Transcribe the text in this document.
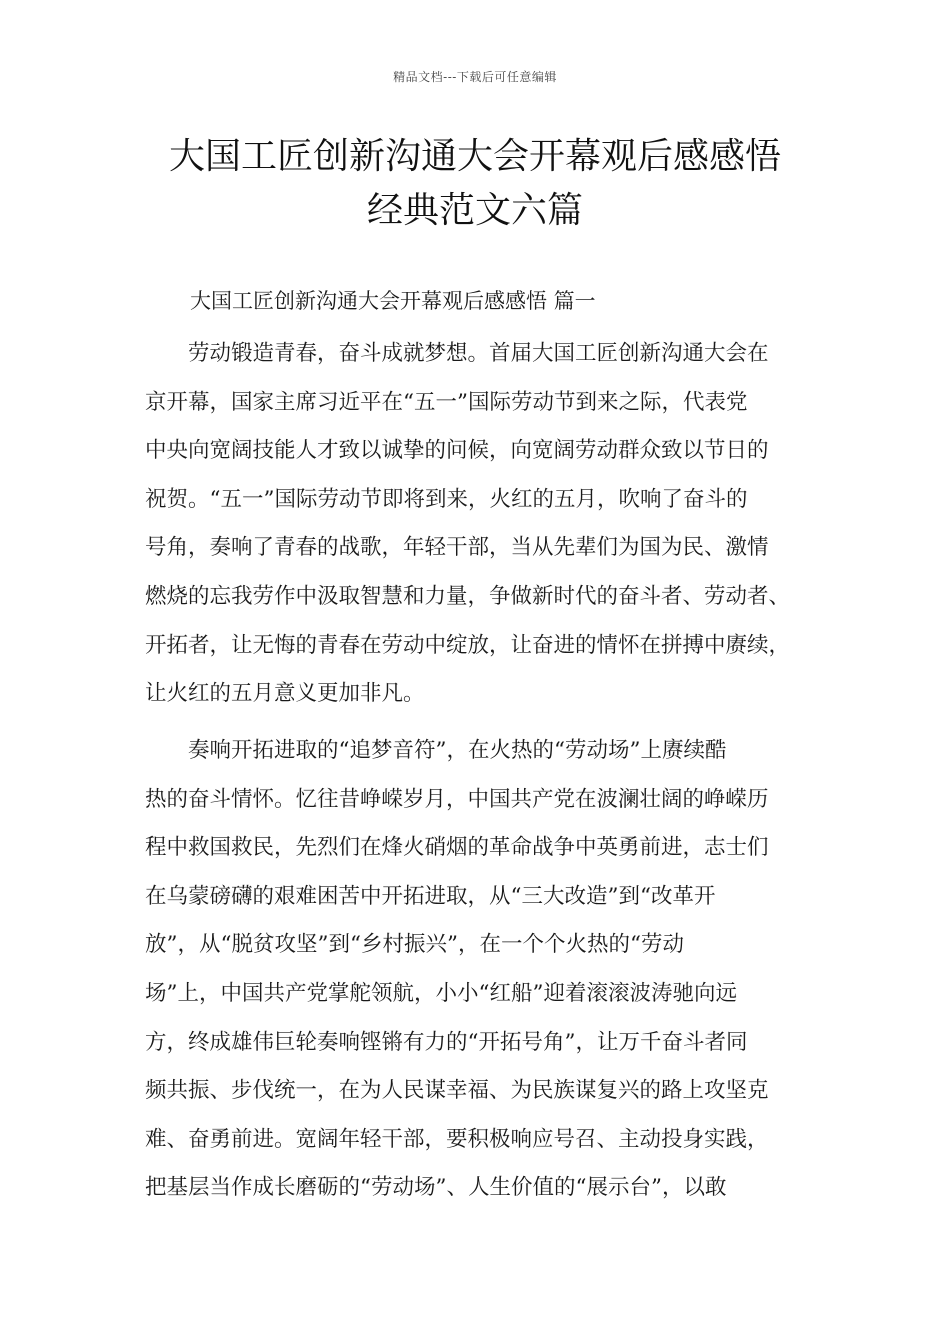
精品文档---下载后可任意编辑
大国工匠创新沟通大会开幕观后感感悟
经典范文六篇
大国工匠创新沟通大会开幕观后感感悟 篇一

　　劳动锻造青春，奋斗成就梦想。首届大国工匠创新沟通大会在
京开幕，国家主席习近平在“五一”国际劳动节到来之际，代表党
中央向宽阔技能人才致以诚挚的问候，向宽阔劳动群众致以节日的
祝贺。“五一”国际劳动节即将到来，火红的五月，吹响了奋斗的
号角，奏响了青春的战歌，年轻干部，当从先辈们为国为民、激情
燃烧的忘我劳作中汲取智慧和力量，争做新时代的奋斗者、劳动者、
开拓者，让无悔的青春在劳动中绽放，让奋进的情怀在拼搏中赓续，
让火红的五月意义更加非凡。

　　奏响开拓进取的“追梦音符”，在火热的“劳动场”上赓续酷
热的奋斗情怀。忆往昔峥嵘岁月，中国共产党在波澜壮阔的峥嵘历
程中救国救民，先烈们在烽火硝烟的革命战争中英勇前进，志士们
在乌蒙磅礴的艰难困苦中开拓进取，从“三大改造”到“改革开
放”，从“脱贫攻坚”到“乡村振兴”，在一个个火热的“劳动
场”上，中国共产党掌舵领航，小小“红船”迎着滚滚波涛驰向远
方，终成雄伟巨轮奏响铿锵有力的“开拓号角”，让万千奋斗者同
频共振、步伐统一，在为人民谋幸福、为民族谋复兴的路上攻坚克
难、奋勇前进。宽阔年轻干部，要积极响应号召、主动投身实践，
把基层当作成长磨砺的“劳动场”、人生价值的“展示台”，以敢
